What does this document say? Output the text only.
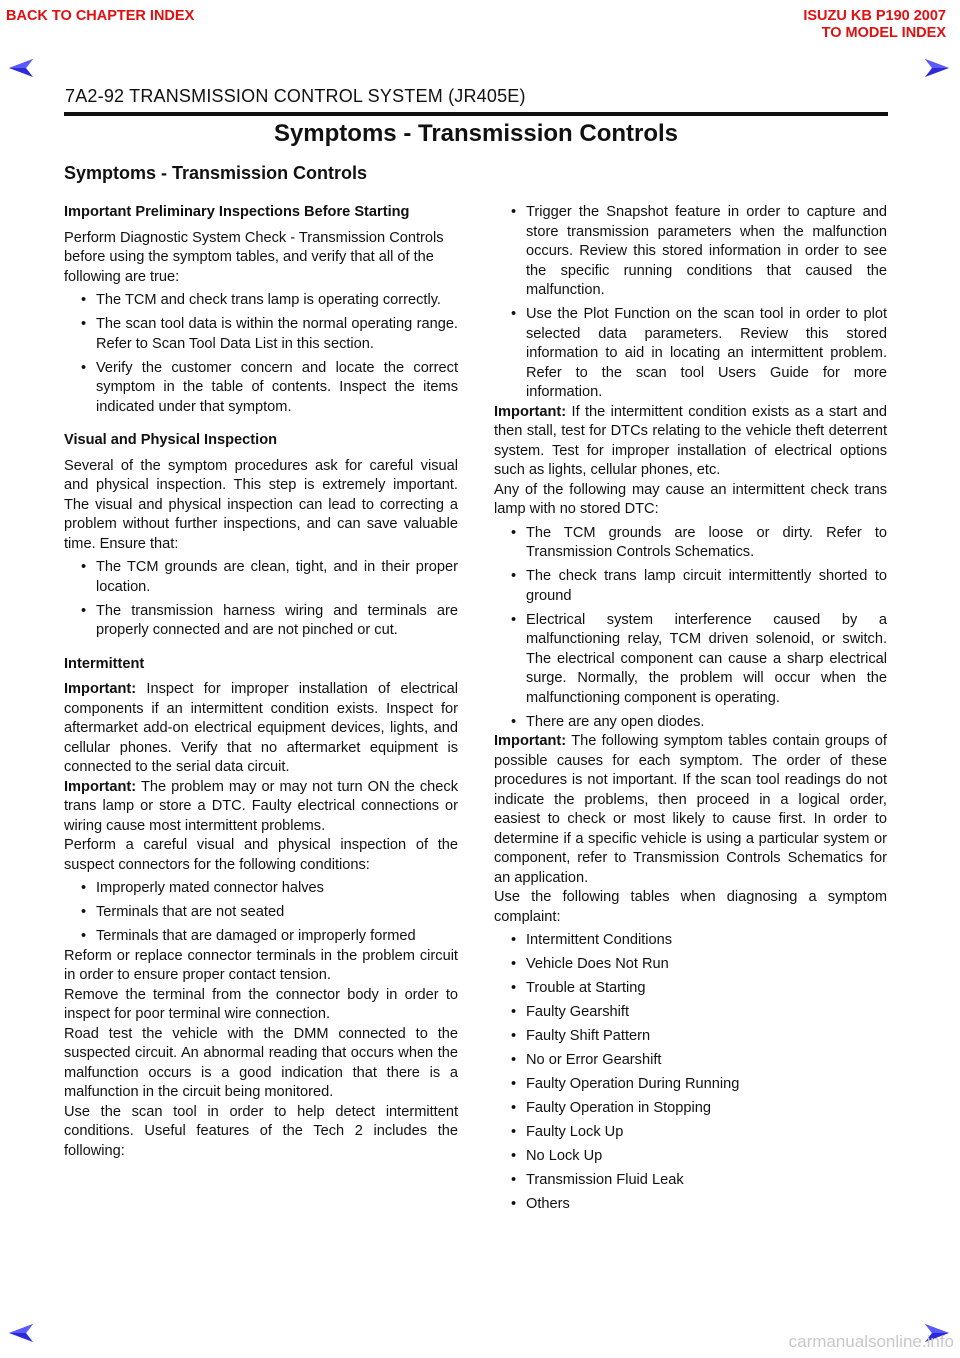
BACK TO CHAPTER INDEX	ISUZU KB P190 2007
TO MODEL INDEX
7A2-92 TRANSMISSION CONTROL SYSTEM (JR405E)
Symptoms - Transmission Controls
Symptoms - Transmission Controls

Important Preliminary Inspections Before Starting

Perform Diagnostic System Check - Transmission Controls before using the symptom tables, and verify that all of the following are true:

• The TCM and check trans lamp is operating correctly.
• The scan tool data is within the normal operating range. Refer to Scan Tool Data List in this section.
• Verify the customer concern and locate the correct symptom in the table of contents. Inspect the items indicated under that symptom.

Visual and Physical Inspection

Several of the symptom procedures ask for careful visual and physical inspection. This step is extremely important. The visual and physical inspection can lead to correcting a problem without further inspections, and can save valuable time. Ensure that:

• The TCM grounds are clean, tight, and in their proper location.
• The transmission harness wiring and terminals are properly connected and are not pinched or cut.

Intermittent

Important: Inspect for improper installation of electrical components if an intermittent condition exists. Inspect for aftermarket add-on electrical equipment devices, lights, and cellular phones. Verify that no aftermarket equipment is connected to the serial data circuit.

Important: The problem may or may not turn ON the check trans lamp or store a DTC. Faulty electrical connections or wiring cause most intermittent problems.

Perform a careful visual and physical inspection of the suspect connectors for the following conditions:

• Improperly mated connector halves
• Terminals that are not seated
• Terminals that are damaged or improperly formed

Reform or replace connector terminals in the problem circuit in order to ensure proper contact tension.

Remove the terminal from the connector body in order to inspect for poor terminal wire connection.

Road test the vehicle with the DMM connected to the suspected circuit. An abnormal reading that occurs when the malfunction occurs is a good indication that there is a malfunction in the circuit being monitored.

Use the scan tool in order to help detect intermittent conditions. Useful features of the Tech 2 includes the following:

• Trigger the Snapshot feature in order to capture and store transmission parameters when the malfunction occurs. Review this stored information in order to see the specific running conditions that caused the malfunction.
• Use the Plot Function on the scan tool in order to plot selected data parameters. Review this stored information to aid in locating an intermittent problem. Refer to the scan tool Users Guide for more information.

Important: If the intermittent condition exists as a start and then stall, test for DTCs relating to the vehicle theft deterrent system. Test for improper installation of electrical options such as lights, cellular phones, etc.

Any of the following may cause an intermittent check trans lamp with no stored DTC:

• The TCM grounds are loose or dirty. Refer to Transmission Controls Schematics.
• The check trans lamp circuit intermittently shorted to ground
• Electrical system interference caused by a malfunctioning relay, TCM driven solenoid, or switch. The electrical component can cause a sharp electrical surge. Normally, the problem will occur when the malfunctioning component is operating.
• There are any open diodes.

Important: The following symptom tables contain groups of possible causes for each symptom. The order of these procedures is not important. If the scan tool readings do not indicate the problems, then proceed in a logical order, easiest to check or most likely to cause first. In order to determine if a specific vehicle is using a particular system or component, refer to Transmission Controls Schematics for an application.

Use the following tables when diagnosing a symptom complaint:

• Intermittent Conditions
• Vehicle Does Not Run
• Trouble at Starting
• Faulty Gearshift
• Faulty Shift Pattern
• No or Error Gearshift
• Faulty Operation During Running
• Faulty Operation in Stopping
• Faulty Lock Up
• No Lock Up
• Transmission Fluid Leak
• Others
carmanualsonline.info
